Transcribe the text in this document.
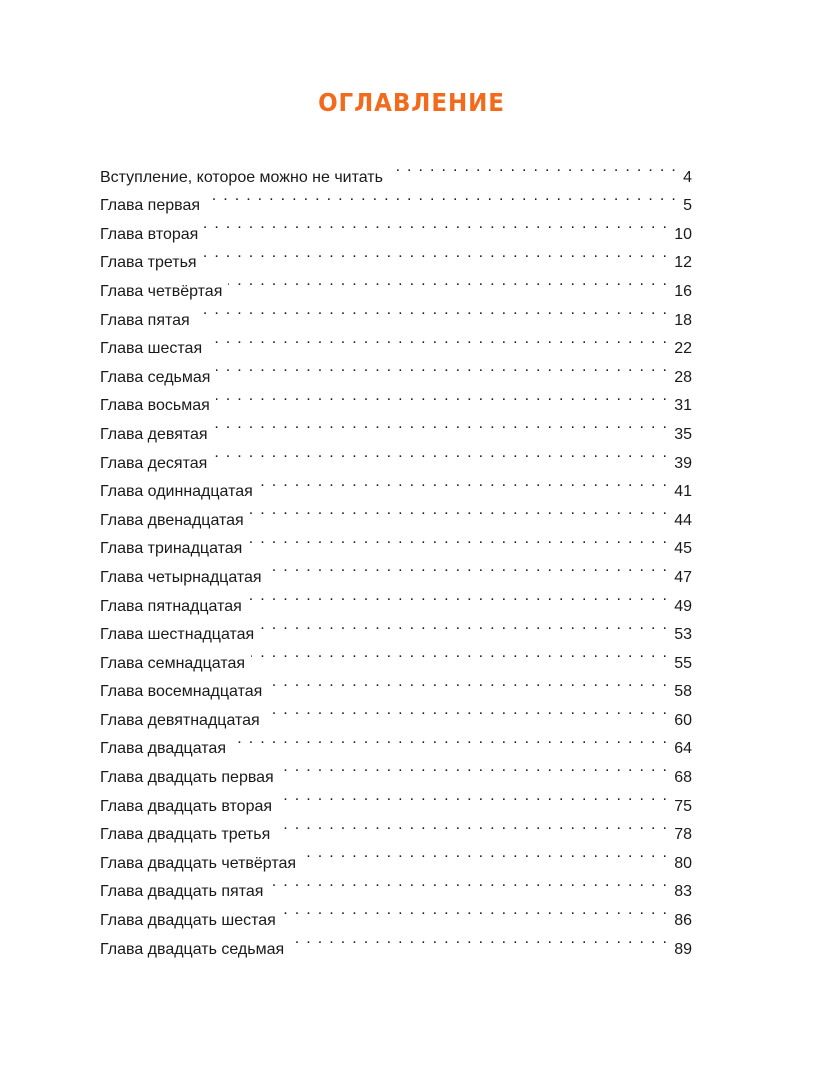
ОГЛАВЛЕНИЕ
Вступление, которое можно не читать . . .	4
Глава первая . . .	5
Глава вторая . . .	10
Глава третья . . .	12
Глава четвёртая . . .	16
Глава пятая . . .	18
Глава шестая . . .	22
Глава седьмая . . .	28
Глава восьмая . . .	31
Глава девятая . . .	35
Глава десятая . . .	39
Глава одиннадцатая . . .	41
Глава двенадцатая . . .	44
Глава тринадцатая . . .	45
Глава четырнадцатая . . .	47
Глава пятнадцатая . . .	49
Глава шестнадцатая . . .	53
Глава семнадцатая . . .	55
Глава восемнадцатая . . .	58
Глава девятнадцатая . . .	60
Глава двадцатая . . .	64
Глава двадцать первая . . .	68
Глава двадцать вторая . . .	75
Глава двадцать третья . . .	78
Глава двадцать четвёртая . . .	80
Глава двадцать пятая . . .	83
Глава двадцать шестая . . .	86
Глава двадцать седьмая . . .	89
